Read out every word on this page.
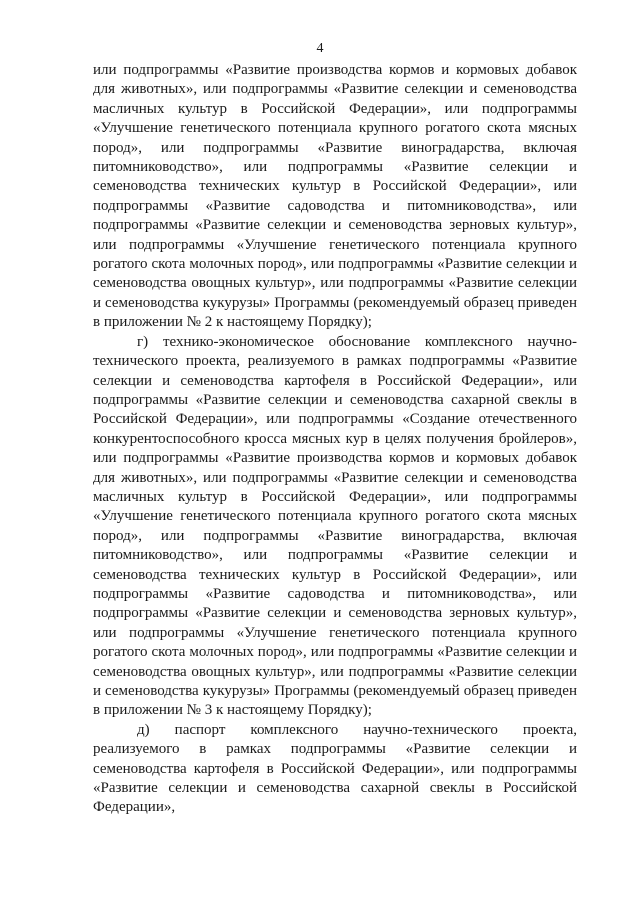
4

или подпрограммы «Развитие производства кормов и кормовых добавок для животных», или подпрограммы «Развитие селекции и семеноводства масличных культур в Российской Федерации», или подпрограммы «Улучшение генетического потенциала крупного рогатого скота мясных пород», или подпрограммы «Развитие виноградарства, включая питомниководство», или подпрограммы «Развитие селекции и семеноводства технических культур в Российской Федерации», или подпрограммы «Развитие садоводства и питомниководства», или подпрограммы «Развитие селекции и семеноводства зерновых культур», или подпрограммы «Улучшение генетического потенциала крупного рогатого скота молочных пород», или подпрограммы «Развитие селекции и семеноводства овощных культур», или подпрограммы «Развитие селекции и семеноводства кукурузы» Программы (рекомендуемый образец приведен в приложении № 2 к настоящему Порядку);

г) технико-экономическое обоснование комплексного научно-технического проекта, реализуемого в рамках подпрограммы «Развитие селекции и семеноводства картофеля в Российской Федерации», или подпрограммы «Развитие селекции и семеноводства сахарной свеклы в Российской Федерации», или подпрограммы «Создание отечественного конкурентоспособного кросса мясных кур в целях получения бройлеров», или подпрограммы «Развитие производства кормов и кормовых добавок для животных», или подпрограммы «Развитие селекции и семеноводства масличных культур в Российской Федерации», или подпрограммы «Улучшение генетического потенциала крупного рогатого скота мясных пород», или подпрограммы «Развитие виноградарства, включая питомниководство», или подпрограммы «Развитие селекции и семеноводства технических культур в Российской Федерации», или подпрограммы «Развитие садоводства и питомниководства», или подпрограммы «Развитие селекции и семеноводства зерновых культур», или подпрограммы «Улучшение генетического потенциала крупного рогатого скота молочных пород», или подпрограммы «Развитие селекции и семеноводства овощных культур», или подпрограммы «Развитие селекции и семеноводства кукурузы» Программы (рекомендуемый образец приведен в приложении № 3 к настоящему Порядку);

д) паспорт комплексного научно-технического проекта, реализуемого в рамках подпрограммы «Развитие селекции и семеноводства картофеля в Российской Федерации», или подпрограммы «Развитие селекции и семеноводства сахарной свеклы в Российской Федерации»,
